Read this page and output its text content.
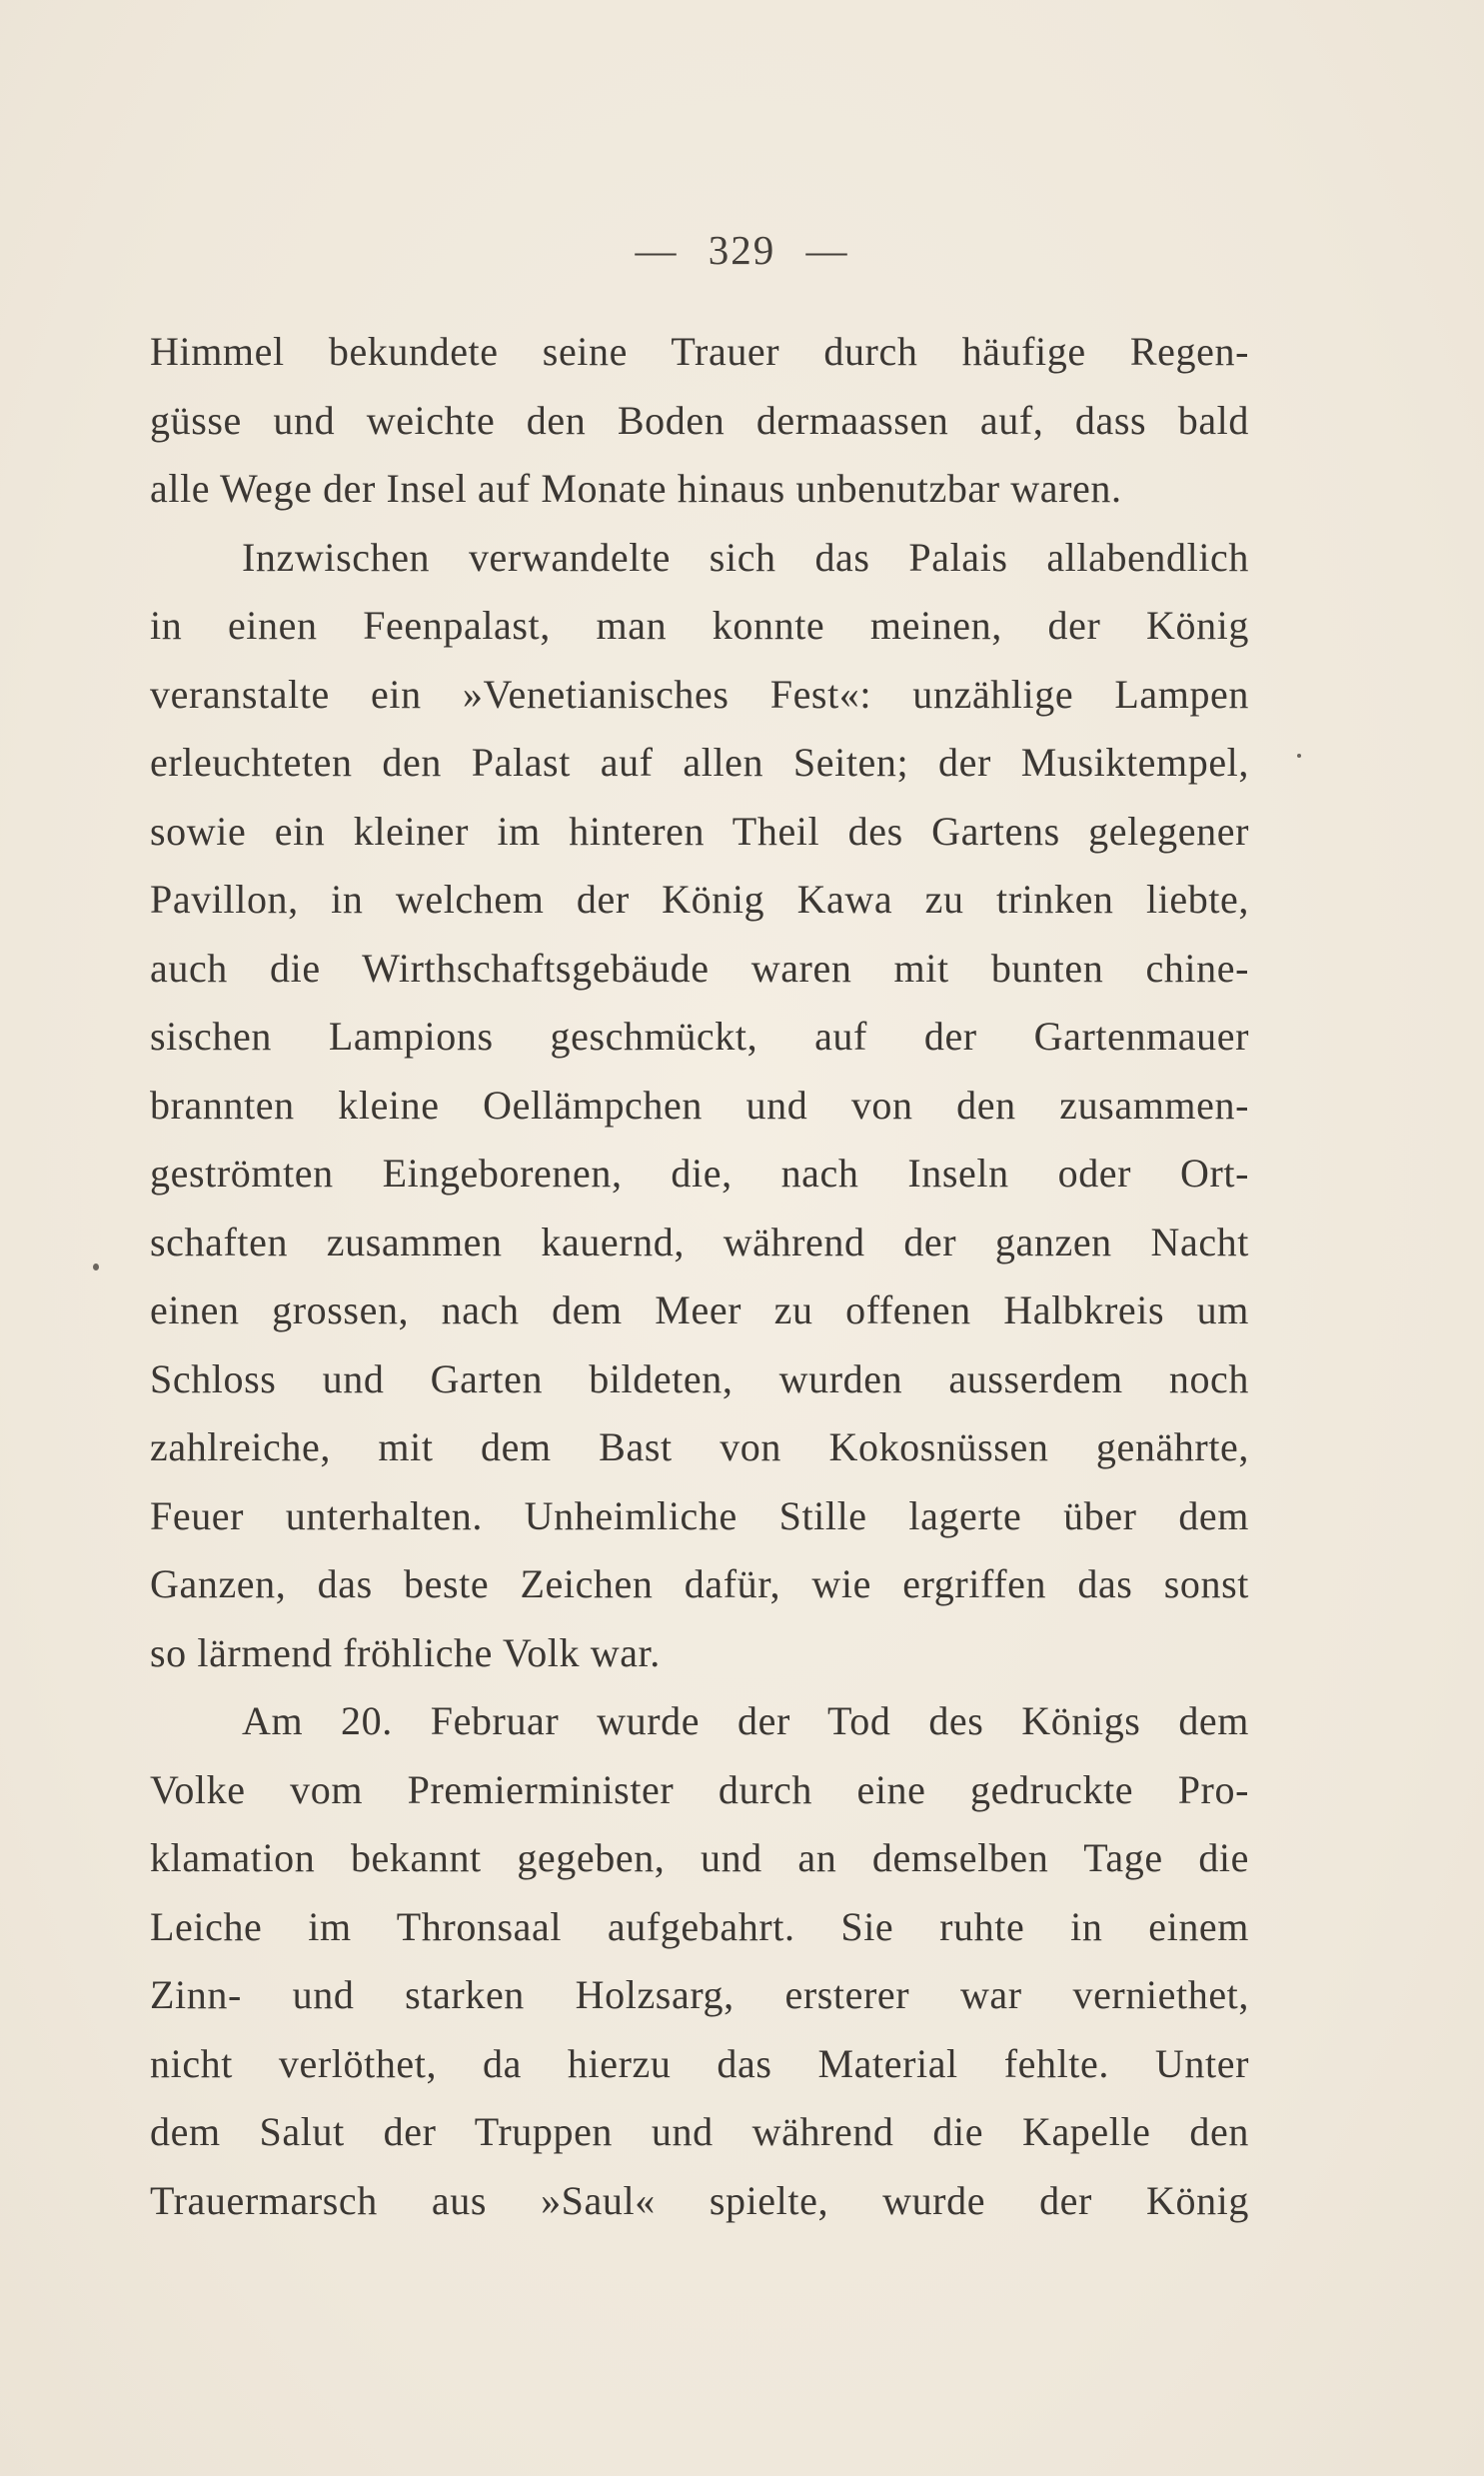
— 329 —
Himmel bekundete seine Trauer durch häufige Regen-
güsse und weichte den Boden dermaassen auf, dass bald
alle Wege der Insel auf Monate hinaus unbenutzbar waren.
Inzwischen verwandelte sich das Palais allabendlich
in einen Feenpalast, man konnte meinen, der König
veranstalte ein »Venetianisches Fest«: unzählige Lampen
erleuchteten den Palast auf allen Seiten; der Musiktempel,
sowie ein kleiner im hinteren Theil des Gartens gelegener
Pavillon, in welchem der König Kawa zu trinken liebte,
auch die Wirthschaftsgebäude waren mit bunten chine-
sischen Lampions geschmückt, auf der Gartenmauer
brannten kleine Oellämpchen und von den zusammen-
geströmten Eingeborenen, die, nach Inseln oder Ort-
schaften zusammen kauernd, während der ganzen Nacht
einen grossen, nach dem Meer zu offenen Halbkreis um
Schloss und Garten bildeten, wurden ausserdem noch
zahlreiche, mit dem Bast von Kokosnüssen genährte,
Feuer unterhalten. Unheimliche Stille lagerte über dem
Ganzen, das beste Zeichen dafür, wie ergriffen das sonst
so lärmend fröhliche Volk war.
Am 20. Februar wurde der Tod des Königs dem
Volke vom Premierminister durch eine gedruckte Pro-
klamation bekannt gegeben, und an demselben Tage die
Leiche im Thronsaal aufgebahrt. Sie ruhte in einem
Zinn- und starken Holzsarg, ersterer war verniethet,
nicht verlöthet, da hierzu das Material fehlte. Unter
dem Salut der Truppen und während die Kapelle den
Trauermarsch aus »Saul« spielte, wurde der König
